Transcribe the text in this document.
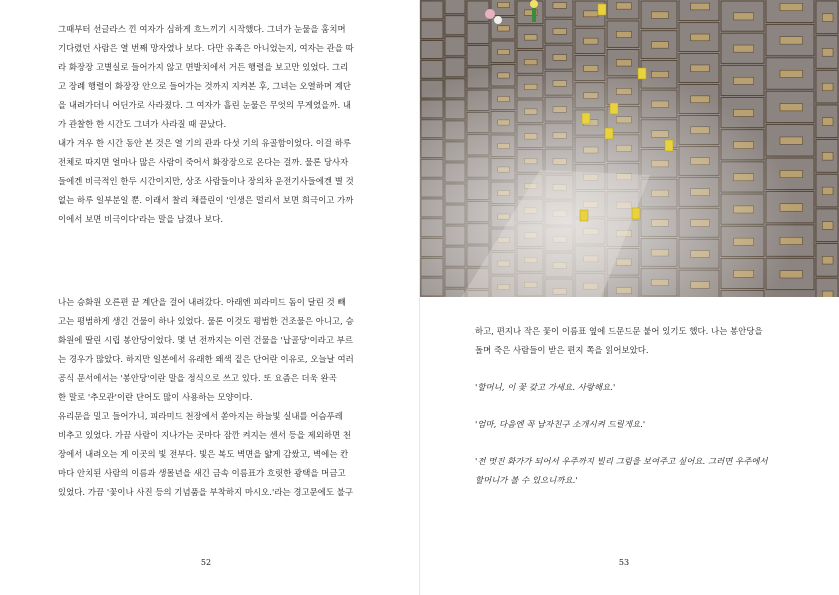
그때부터 선글라스 낀 여자가 심하게 흐느끼기 시작했다. 그녀가 눈물을 훔치며
기다렸던 사람은 열 번째 망자였나 보다. 다만 유족은 아니었는지, 여자는 관을 따
라 화장장 고별실로 들어가지 않고 면발치에서 거든 행렬을 보고만 있었다. 그리
고 장례 행렬이 화장장 안으로 들어가는 것까지 지켜본 후, 그녀는 오열하며 계단
을 내려가더니 어딘가로 사라졌다. 그 여자가 흘린 눈물은 무엇의 무게였을까. 내
가 관찰한 한 시간도 그녀가 사라질 때 끝났다.
내가 겨우 한 시간 동안 본 것은 열 기의 관과 다섯 기의 유골함이었다. 이걸 하루
전체로 따지면 얼마나 많은 사람이 죽어서 화장장으로 온다는 걸까. 물론 당사자
들에겐 비극적인 한두 시간이지만, 상조 사람들이나 장의차 운전기사들에겐 별 것
없는 하루 일부분일 뿐. 이래서 찰리 채플린이 '인생은 멀리서 보면 희극이고 가까
이에서 보면 비극이다'라는 말을 남겼나 보다.
나는 승화원 오른편 끝 계단을 걸어 내려갔다. 아래엔 피라미드 돔이 달린 것 빼
고는 평범하게 생긴 건물이 하나 있었다. 물론 이것도 평범한 건조물은 아니고, 승
화원에 딸린 시립 봉안당이었다. 몇 년 전까지는 이런 건물을 '납골당'이라고 부르
는 경우가 많았다. 하지만 일본에서 유래한 왜색 짙은 단어란 이유로, 오늘날 여러
공식 문서에서는 '봉안당'이란 말을 정식으로 쓰고 있다. 또 요즘은 더욱 완곡
한 말로 '추모관'이란 단어도 많이 사용하는 모양이다.
유리문을 밀고 들어가니, 피라미드 천장에서 쏟아지는 하늘빛 실내를 어슴푸레
비추고 있었다. 가끔 사람이 지나가는 곳마다 잠깐 켜지는 센서 등을 제외하면 천
장에서 내려오는 게 이곳의 빛 전부다. 빛은 복도 벽면을 얇게 감쌌고, 벽에는 칸
마다 안치된 사람의 이름과 생몰년을 새긴 금속 이름표가 흐릿한 광택을 머금고
있었다. 가끔 '꽃이나 사진 등의 기념품을 부착하지 마시오.'라는 경고문에도 불구
52
하고, 편지나 작은 꽃이 이름표 옆에 드문드문 붙어 있기도 했다. 나는 봉안당을
돌며 죽은 사람들이 받은 편지 쪽을 읽어보았다.
'할머니, 이 꽃 갖고 가세요. 사랑해요.'
'엄마, 다음엔 꼭 남자친구 소개시켜 드릴게요.'
'전 멋진 화가가 되어서 우주까지 빌리 그림을 보여주고 싶어요. 그러면 우주에서
할머니가 볼 수 있으니까요.'
53
